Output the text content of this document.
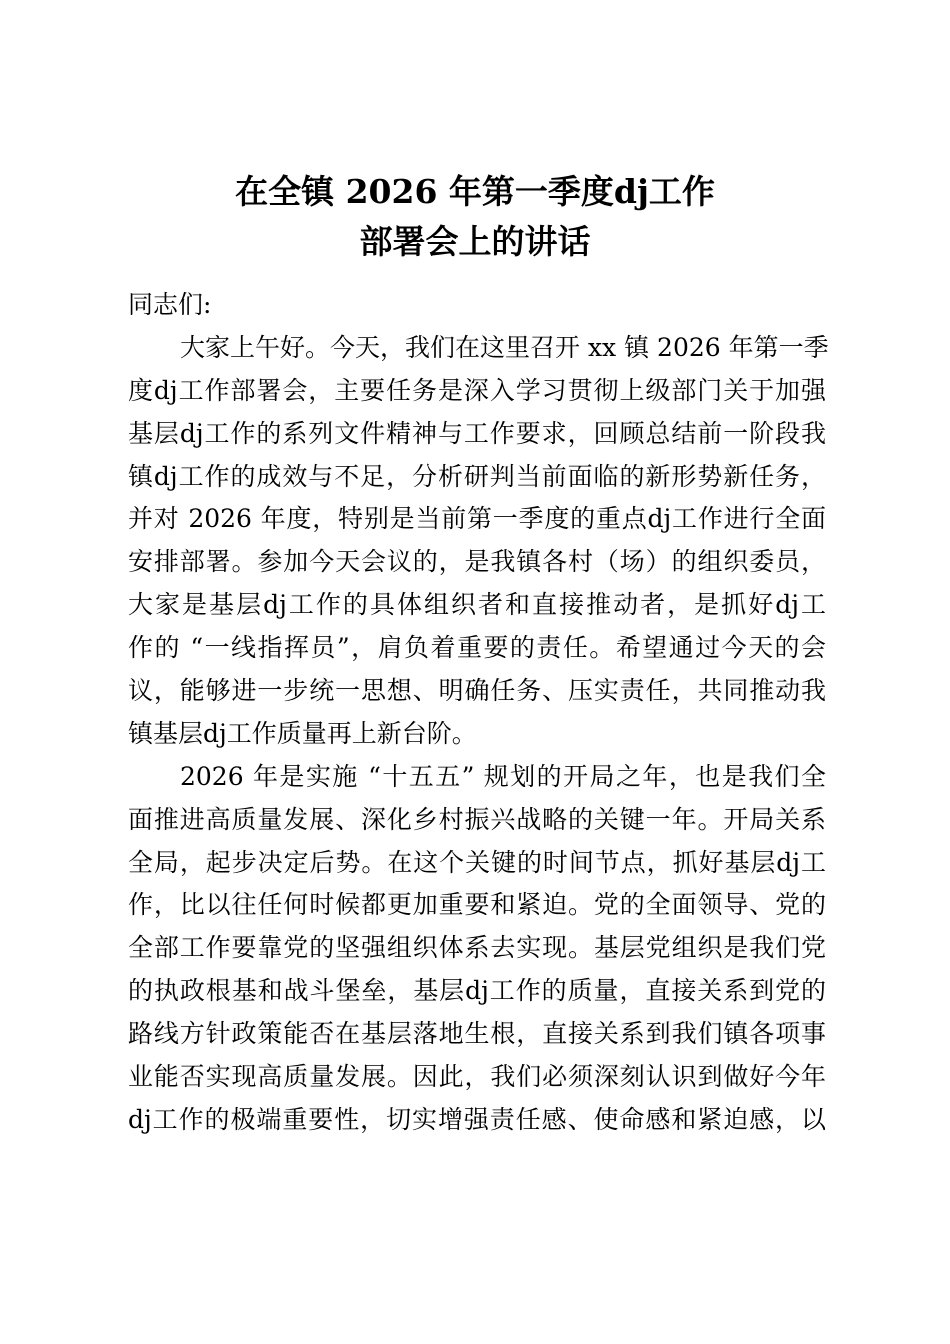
在全镇 2026 年第一季度dj工作
部署会上的讲话
同志们:
大家上午好。今天，我们在这里召开 xx 镇 2026 年第一季
度dj工作部署会，主要任务是深入学习贯彻上级部门关于加强
基层dj工作的系列文件精神与工作要求，回顾总结前一阶段我
镇dj工作的成效与不足，分析研判当前面临的新形势新任务，
并对 2026 年度，特别是当前第一季度的重点dj工作进行全面
安排部署。参加今天会议的，是我镇各村（场）的组织委员，
大家是基层dj工作的具体组织者和直接推动者，是抓好dj工
作的 “一线指挥员”，肩负着重要的责任。希望通过今天的会
议，能够进一步统一思想、明确任务、压实责任，共同推动我
镇基层dj工作质量再上新台阶。
2026 年是实施 “十五五” 规划的开局之年，也是我们全
面推进高质量发展、深化乡村振兴战略的关键一年。开局关系
全局，起步决定后势。在这个关键的时间节点，抓好基层dj工
作，比以往任何时候都更加重要和紧迫。党的全面领导、党的
全部工作要靠党的坚强组织体系去实现。基层党组织是我们党
的执政根基和战斗堡垒，基层dj工作的质量，直接关系到党的
路线方针政策能否在基层落地生根，直接关系到我们镇各项事
业能否实现高质量发展。因此，我们必须深刻认识到做好今年
dj工作的极端重要性，切实增强责任感、使命感和紧迫感，以
